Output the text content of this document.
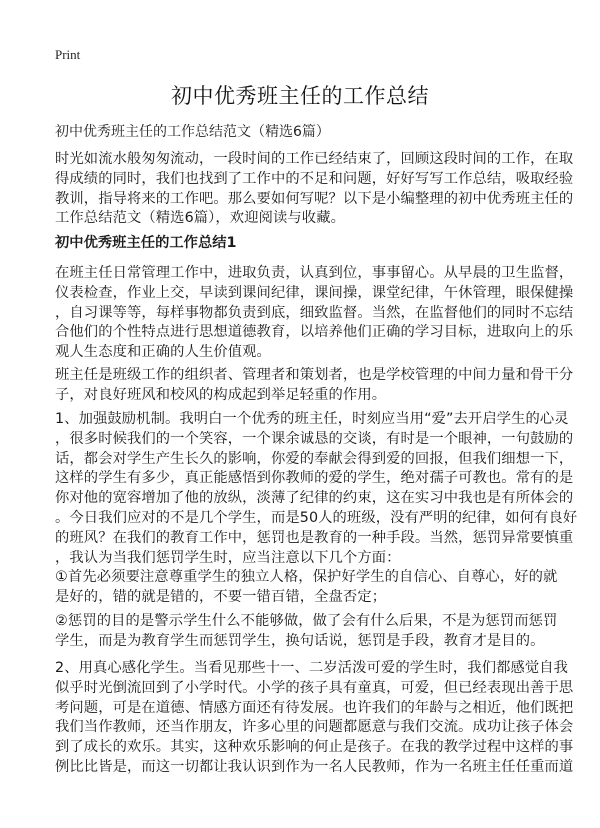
Print
初中优秀班主任的工作总结
初中优秀班主任的工作总结范文（精选6篇）
时光如流水般匆匆流动，一段时间的工作已经结束了，回顾这段时间的工作，在取
得成绩的同时，我们也找到了工作中的不足和问题，好好写写工作总结，吸取经验
教训，指导将来的工作吧。那么要如何写呢？以下是小编整理的初中优秀班主任的
工作总结范文（精选6篇），欢迎阅读与收藏。
初中优秀班主任的工作总结1
在班主任日常管理工作中，进取负责，认真到位，事事留心。从早晨的卫生监督，
仪表检查，作业上交，早读到课间纪律，课间操，课堂纪律，午休管理，眼保健操
，自习课等等，每样事物都负责到底，细致监督。当然，在监督他们的同时不忘结
合他们的个性特点进行思想道德教育，以培养他们正确的学习目标，进取向上的乐
观人生态度和正确的人生价值观。
班主任是班级工作的组织者、管理者和策划者，也是学校管理的中间力量和骨干分
子，对良好班风和校风的构成起到举足轻重的作用。
1、加强鼓励机制。我明白一个优秀的班主任，时刻应当用“爱”去开启学生的心灵
，很多时候我们的一个笑容，一个课余诚恳的交谈，有时是一个眼神，一句鼓励的
话，都会对学生产生长久的影响，你爱的奉献会得到爱的回报，但我们细想一下，
这样的学生有多少，真正能感悟到你教师的爱的学生，绝对孺子可教也。常有的是
你对他的宽容增加了他的放纵，淡薄了纪律的约束，这在实习中我也是有所体会的
。今日我们应对的不是几个学生，而是50人的班级，没有严明的纪律，如何有良好
的班风？在我们的教育工作中，惩罚也是教育的一种手段。当然，惩罚异常要慎重
，我认为当我们惩罚学生时，应当注意以下几个方面：
①首先必须要注意尊重学生的独立人格，保护好学生的自信心、自尊心，好的就
是好的，错的就是错的，不要一错百错，全盘否定；
②惩罚的目的是警示学生什么不能够做，做了会有什么后果，不是为惩罚而惩罚
学生，而是为教育学生而惩罚学生，换句话说，惩罚是手段，教育才是目的。
2、用真心感化学生。当看见那些十一、二岁活泼可爱的学生时，我们都感觉自我
似乎时光倒流回到了小学时代。小学的孩子具有童真，可爱，但已经表现出善于思
考问题，可是在道德、情感方面还有待发展。也许我们的年龄与之相近，他们既把
我们当作教师，还当作朋友，许多心里的问题都愿意与我们交流。成功让孩子体会
到了成长的欢乐。其实，这种欢乐影响的何止是孩子。在我的教学过程中这样的事
例比比皆是，而这一切都让我认识到作为一名人民教师，作为一名班主任任重而道
